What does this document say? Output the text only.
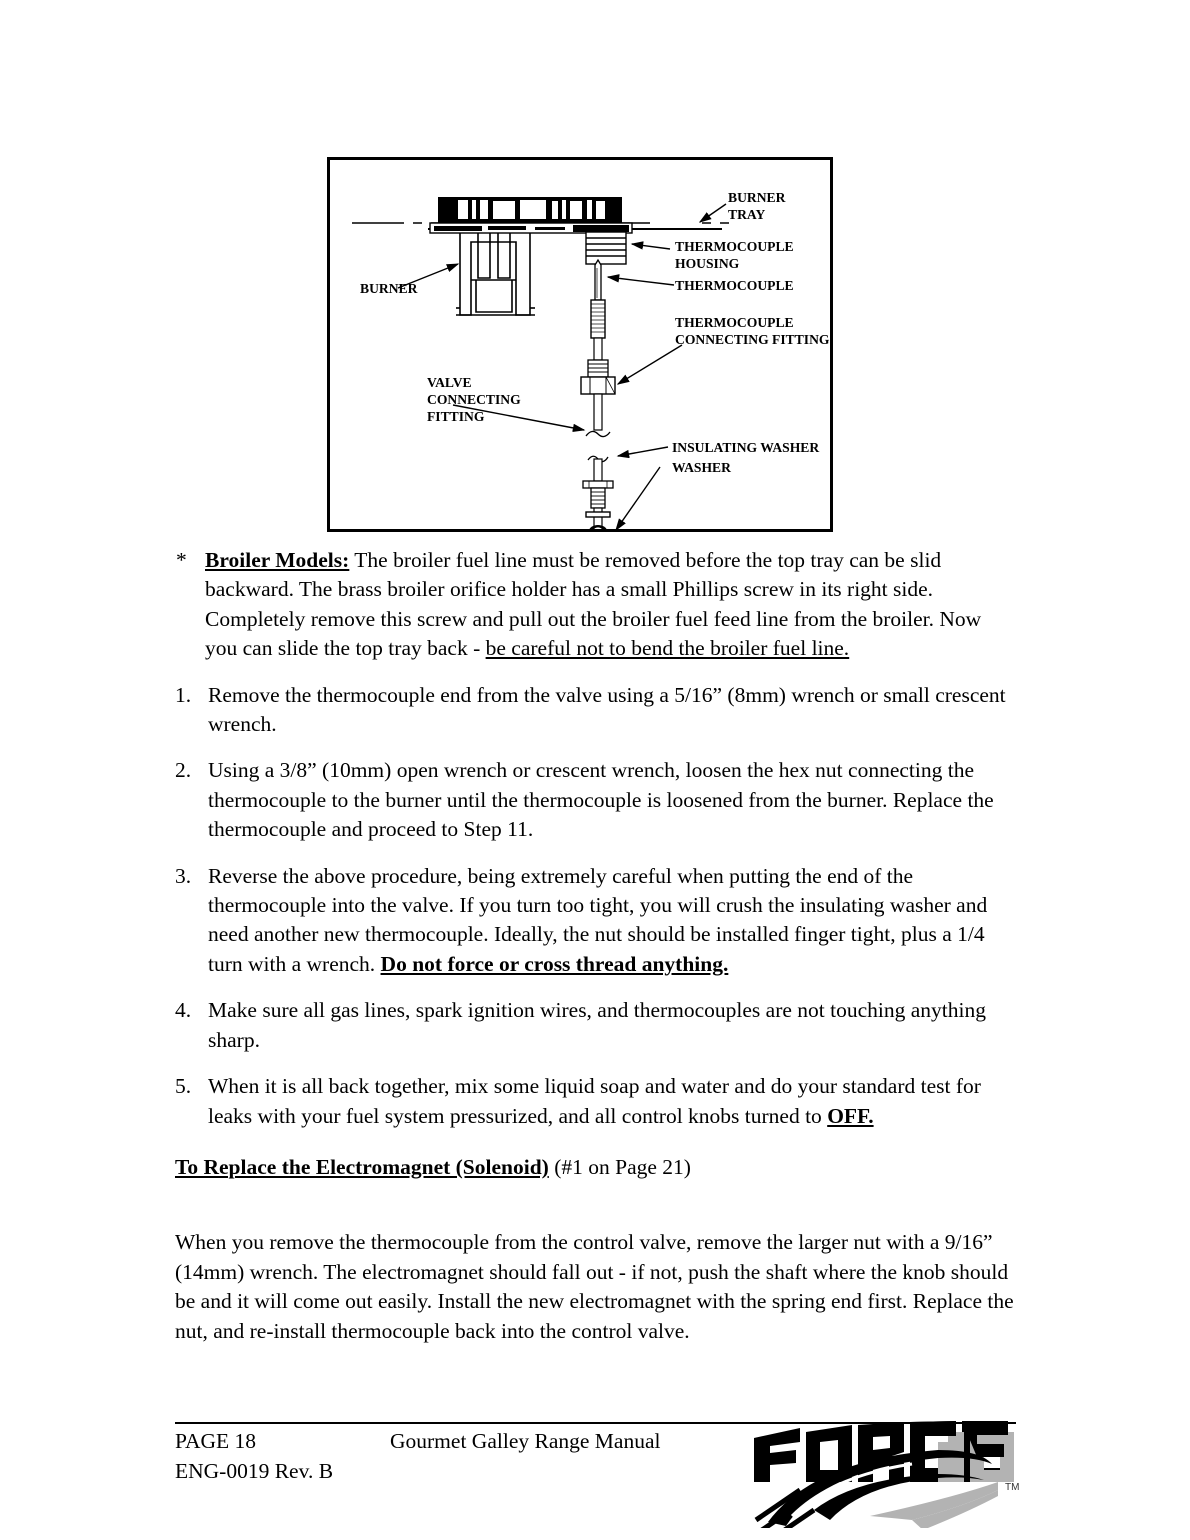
BURNER
TRAY
THERMOCOUPLE
HOUSING
THERMOCOUPLE
THERMOCOUPLE
CONNECTING FITTING
BURNER
VALVE
CONNECTING
FITTING
INSULATING WASHER
WASHER
* Broiler Models: The broiler fuel line must be removed before the top tray can be slid backward. The brass broiler orifice holder has a small Phillips screw in its right side. Completely remove this screw and pull out the broiler fuel feed line from the broiler. Now you can slide the top tray back - be careful not to bend the broiler fuel line.
1. Remove the thermocouple end from the valve using a 5/16” (8mm) wrench or small crescent wrench.
2. Using a 3/8” (10mm) open wrench or crescent wrench, loosen the hex nut connecting the thermocouple to the burner until the thermocouple is loosened from the burner. Replace the thermocouple and proceed to Step 11.
3. Reverse the above procedure, being extremely careful when putting the end of the thermocouple into the valve. If you turn too tight, you will crush the insulating washer and need another new thermocouple. Ideally, the nut should be installed finger tight, plus a 1/4 turn with a wrench. Do not force or cross thread anything.
4. Make sure all gas lines, spark ignition wires, and thermocouples are not touching anything sharp.
5. When it is all back together, mix some liquid soap and water and do your standard test for leaks with your fuel system pressurized, and all control knobs turned to OFF.
To Replace the Electromagnet (Solenoid) (#1 on Page 21)
When you remove the thermocouple from the control valve, remove the larger nut with a 9/16” (14mm) wrench. The electromagnet should fall out - if not, push the shaft where the knob should be and it will come out easily. Install the new electromagnet with the spring end first. Replace the nut, and re-install thermocouple back into the control valve.
PAGE 18
ENG-0019 Rev. B
Gourmet Galley Range Manual
TM
